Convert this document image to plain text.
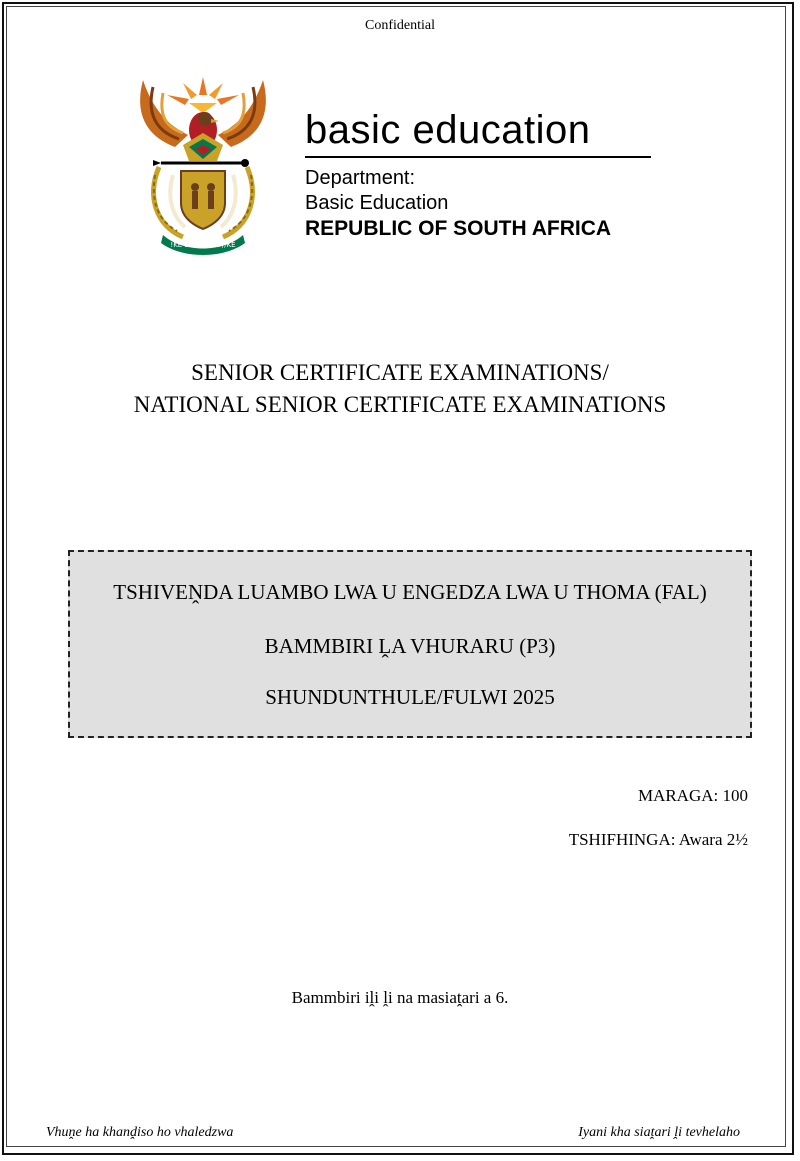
Confidential
!KE E: /XARRA //KE
basic education
Department:
Basic Education
REPUBLIC OF SOUTH AFRICA
SENIOR CERTIFICATE EXAMINATIONS/
NATIONAL SENIOR CERTIFICATE EXAMINATIONS
TSHIVEṊDA LUAMBO LWA U ENGEDZA LWA U THOMA (FAL)
BAMMBIRI ḼA VHURARU (P3)
SHUNDUNTHULE/FULWI 2025
MARAGA: 100
TSHIFHINGA: Awara 2½
Bammbiri iḽi ḽi na masiaṱari a 6.
Vhuṋe ha khanḓiso ho vhaledzwa	Iyani kha siaṱari ḽi tevhelaho
